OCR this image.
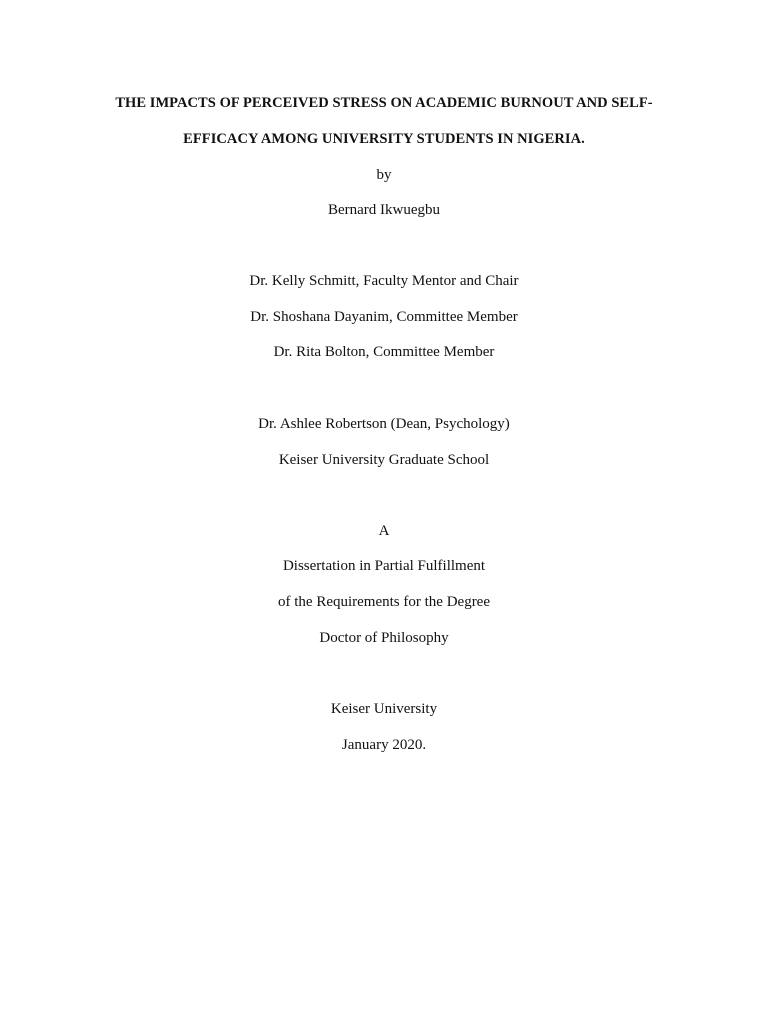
THE IMPACTS OF PERCEIVED STRESS ON ACADEMIC BURNOUT AND SELF-
EFFICACY AMONG UNIVERSITY STUDENTS IN NIGERIA.
by
Bernard Ikwuegbu
Dr. Kelly Schmitt, Faculty Mentor and Chair
Dr. Shoshana Dayanim, Committee Member
Dr. Rita Bolton, Committee Member
Dr. Ashlee Robertson (Dean, Psychology)
Keiser University Graduate School
A
Dissertation in Partial Fulfillment
of the Requirements for the Degree
Doctor of Philosophy
Keiser University
January 2020.
